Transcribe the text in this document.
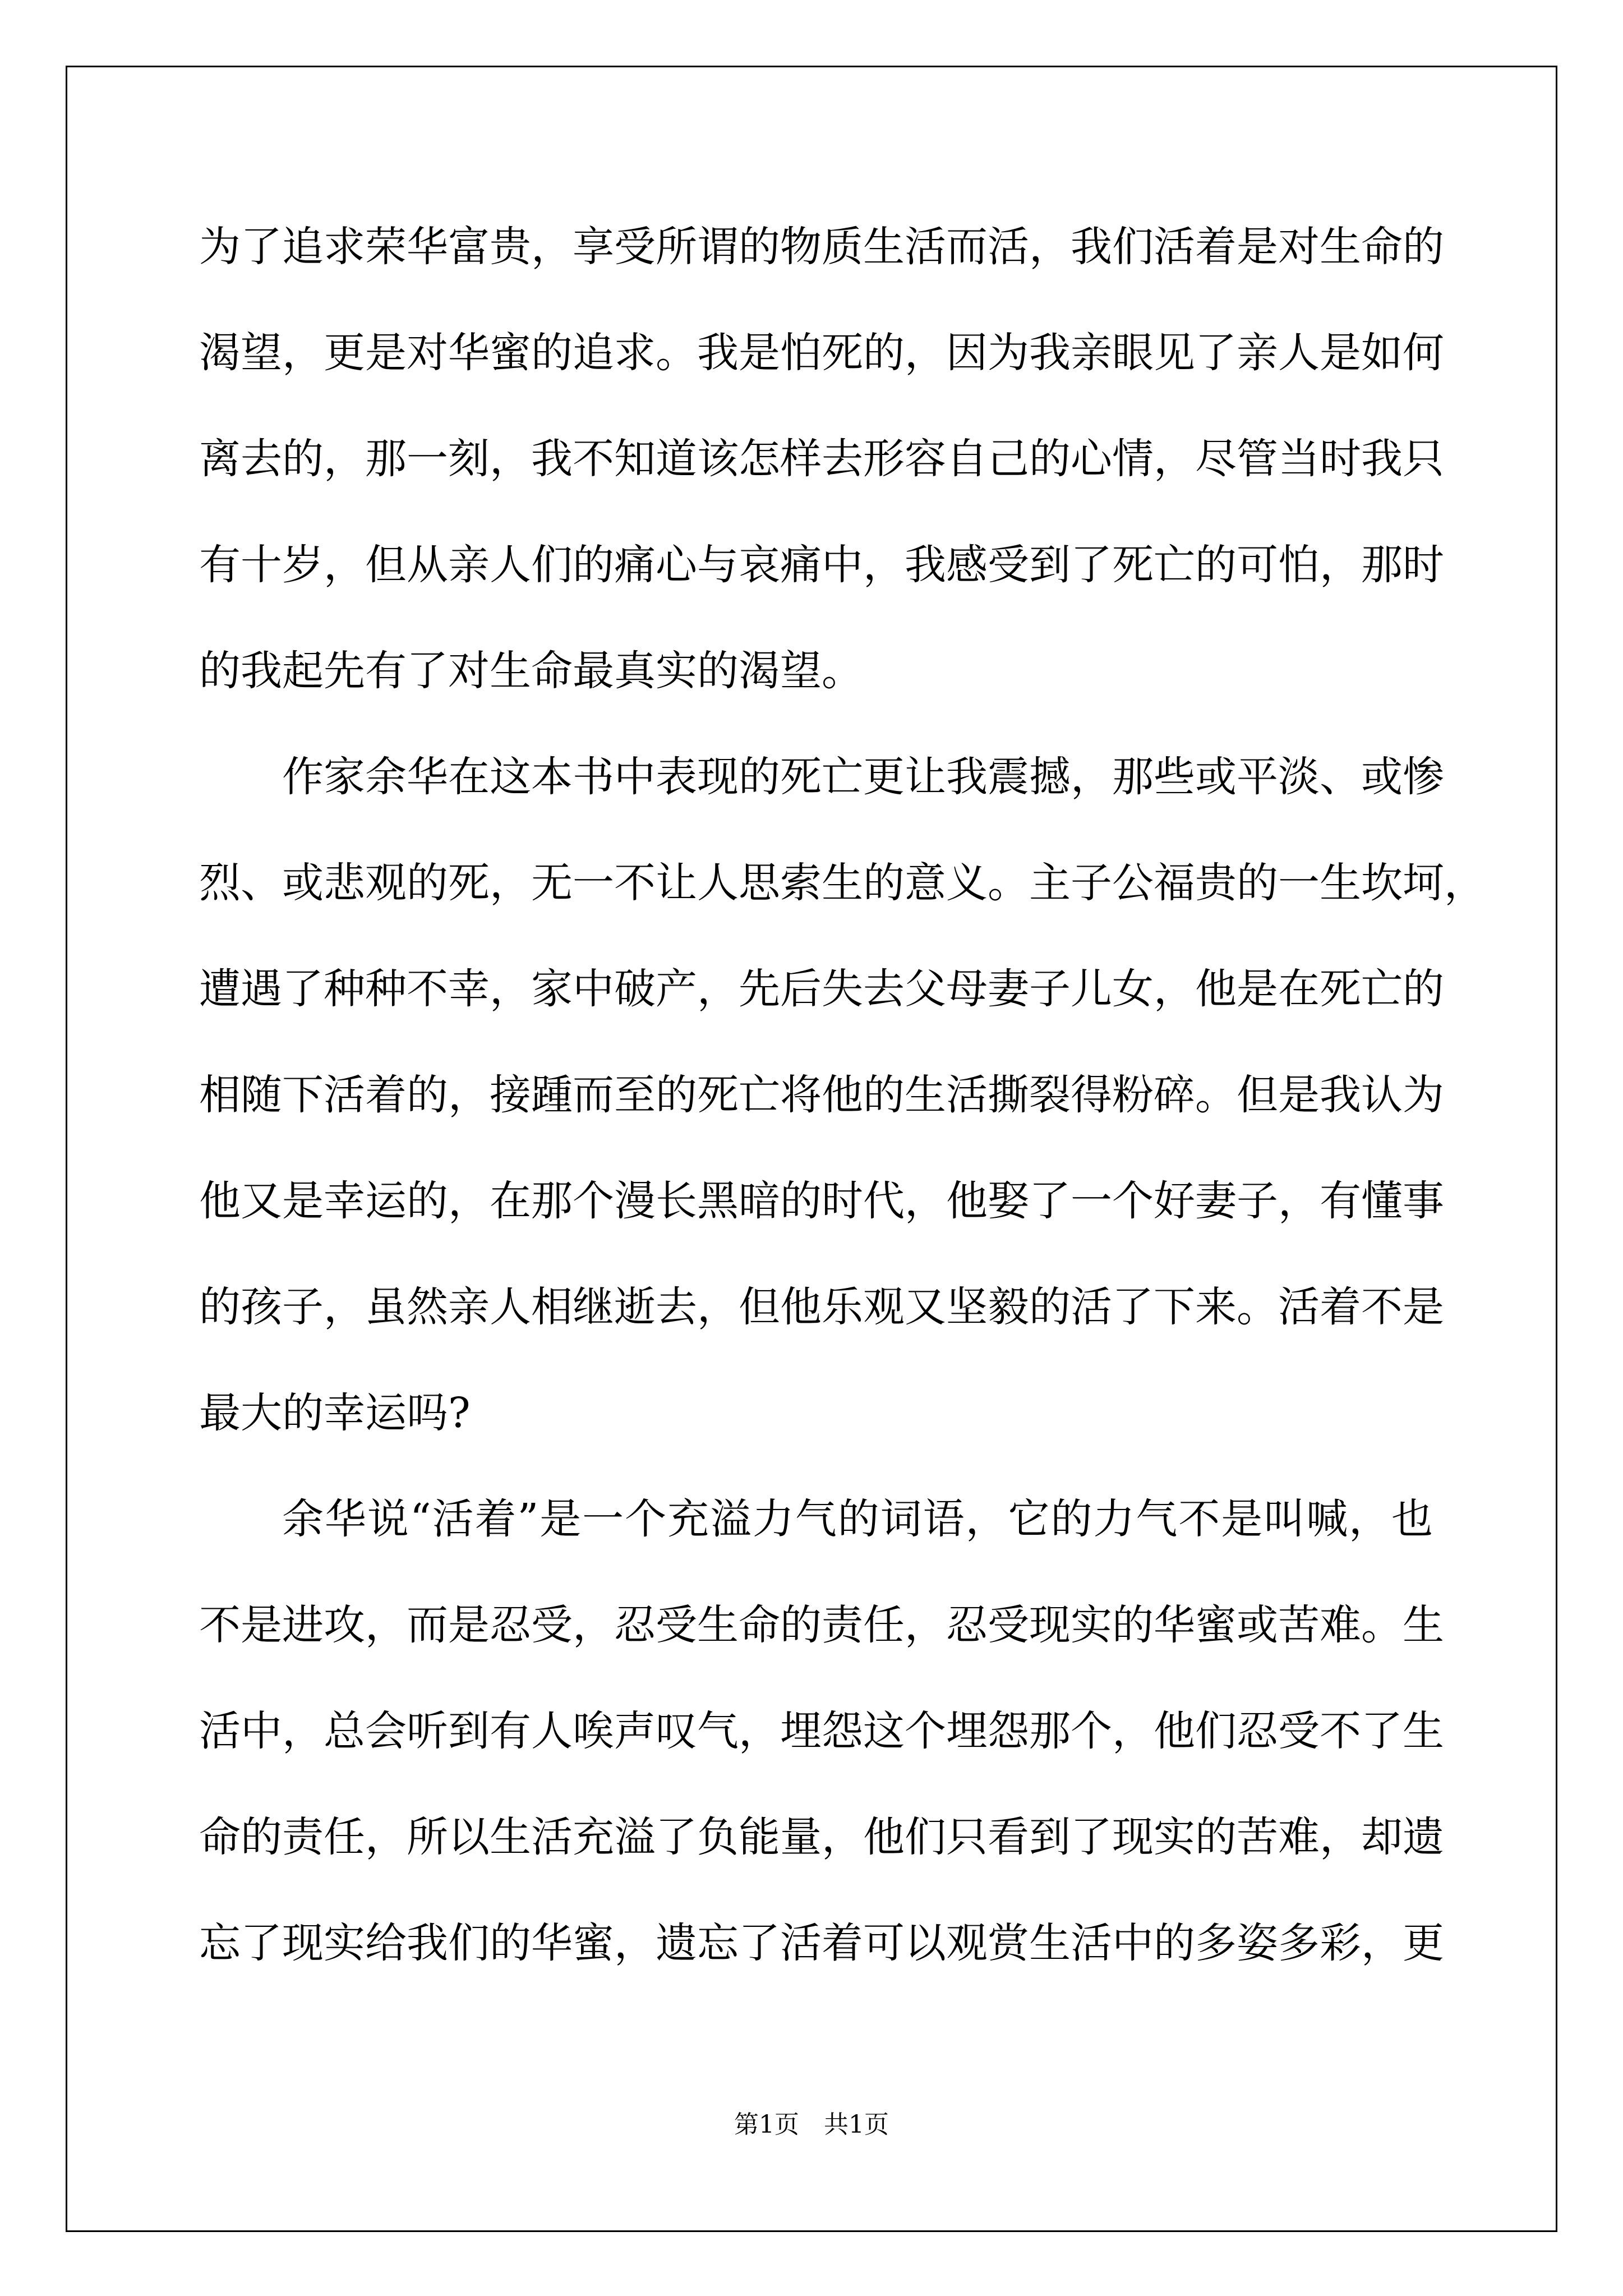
为了追求荣华富贵，享受所谓的物质生活而活，我们活着是对生命的
渴望，更是对华蜜的追求。我是怕死的，因为我亲眼见了亲人是如何
离去的，那一刻，我不知道该怎样去形容自己的心情，尽管当时我只
有十岁，但从亲人们的痛心与哀痛中，我感受到了死亡的可怕，那时
的我起先有了对生命最真实的渴望。
作家余华在这本书中表现的死亡更让我震撼，那些或平淡、或惨
烈、或悲观的死，无一不让人思索生的意义。主子公福贵的一生坎坷，
遭遇了种种不幸，家中破产，先后失去父母妻子儿女，他是在死亡的
相随下活着的，接踵而至的死亡将他的生活撕裂得粉碎。但是我认为
他又是幸运的，在那个漫长黑暗的时代，他娶了一个好妻子，有懂事
的孩子，虽然亲人相继逝去，但他乐观又坚毅的活了下来。活着不是
最大的幸运吗?
余华说“活着”是一个充溢力气的词语，它的力气不是叫喊，也
不是进攻，而是忍受，忍受生命的责任，忍受现实的华蜜或苦难。生
活中，总会听到有人唉声叹气，埋怨这个埋怨那个，他们忍受不了生
命的责任，所以生活充溢了负能量，他们只看到了现实的苦难，却遗
忘了现实给我们的华蜜，遗忘了活着可以观赏生活中的多姿多彩，更
第1页 共1页
